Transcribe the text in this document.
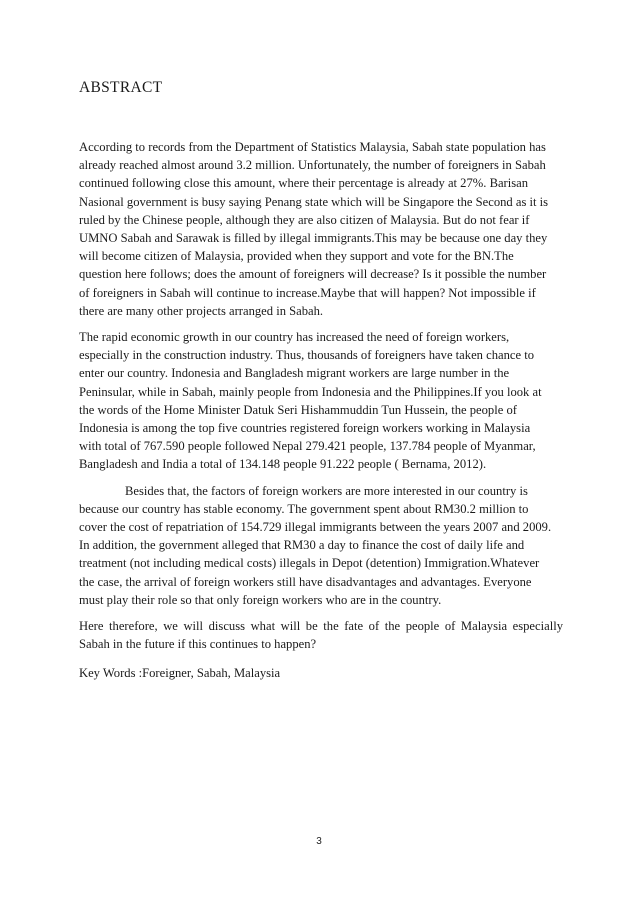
ABSTRACT

According to records from the Department of Statistics Malaysia, Sabah state population has
already reached almost around 3.2 million. Unfortunately, the number of foreigners in Sabah
continued following close this amount, where their percentage is already at 27%. Barisan
Nasional government is busy saying Penang state which will be Singapore the Second as it is
ruled by the Chinese people, although they are also citizen of Malaysia. But do not fear if
UMNO Sabah and Sarawak is filled by illegal immigrants.This may be because one day they
will become citizen of Malaysia, provided when they support and vote for the BN.The
question here follows; does the amount of foreigners will decrease? Is it possible the number
of foreigners in Sabah will continue to increase.Maybe that will happen? Not impossible if
there are many other projects arranged in Sabah.

The rapid economic growth in our country has increased the need of foreign workers,
especially in the construction industry. Thus, thousands of foreigners have taken chance to
enter our country. Indonesia and Bangladesh migrant workers are large number in the
Peninsular, while in Sabah, mainly people from Indonesia and the Philippines.If you look at
the words of the Home Minister Datuk Seri Hishammuddin Tun Hussein, the people of
Indonesia is among the top five countries registered foreign workers working in Malaysia
with total of 767.590 people followed Nepal 279.421 people, 137.784 people of Myanmar,
Bangladesh and India a total of 134.148 people 91.222 people ( Bernama, 2012).

Besides that, the factors of foreign workers are more interested in our country is
because our country has stable economy. The government spent about RM30.2 million to
cover the cost of repatriation of 154.729 illegal immigrants between the years 2007 and 2009.
In addition, the government alleged that RM30 a day to finance the cost of daily life and
treatment (not including medical costs) illegals in Depot (detention) Immigration.Whatever
the case, the arrival of foreign workers still have disadvantages and advantages. Everyone
must play their role so that only foreign workers who are in the country.

Here therefore, we will discuss what will be the fate of the people of Malaysia especially
Sabah in the future if this continues to happen?

Key Words :Foreigner, Sabah, Malaysia

3
